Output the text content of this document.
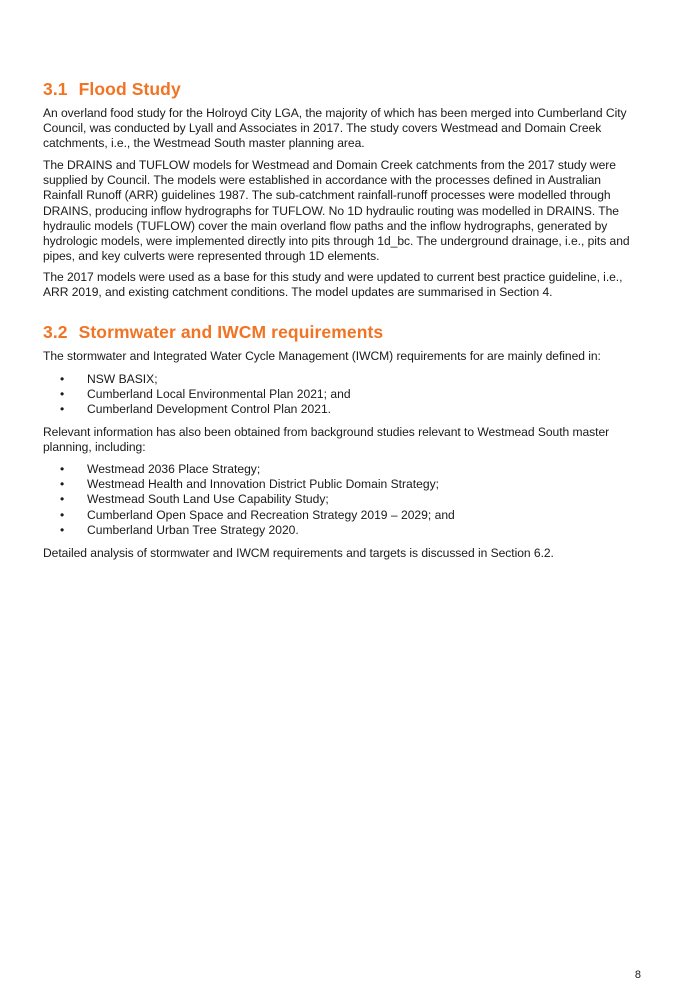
3.1 Flood Study

An overland food study for the Holroyd City LGA, the majority of which has been merged into Cumberland City Council, was conducted by Lyall and Associates in 2017. The study covers Westmead and Domain Creek catchments, i.e., the Westmead South master planning area.

The DRAINS and TUFLOW models for Westmead and Domain Creek catchments from the 2017 study were supplied by Council. The models were established in accordance with the processes defined in Australian Rainfall Runoff (ARR) guidelines 1987. The sub-catchment rainfall-runoff processes were modelled through DRAINS, producing inflow hydrographs for TUFLOW. No 1D hydraulic routing was modelled in DRAINS. The hydraulic models (TUFLOW) cover the main overland flow paths and the inflow hydrographs, generated by hydrologic models, were implemented directly into pits through 1d_bc. The underground drainage, i.e., pits and pipes, and key culverts were represented through 1D elements.

The 2017 models were used as a base for this study and were updated to current best practice guideline, i.e., ARR 2019, and existing catchment conditions. The model updates are summarised in Section 4.

3.2 Stormwater and IWCM requirements

The stormwater and Integrated Water Cycle Management (IWCM) requirements for are mainly defined in:

• NSW BASIX;
• Cumberland Local Environmental Plan 2021; and
• Cumberland Development Control Plan 2021.

Relevant information has also been obtained from background studies relevant to Westmead South master planning, including:

• Westmead 2036 Place Strategy;
• Westmead Health and Innovation District Public Domain Strategy;
• Westmead South Land Use Capability Study;
• Cumberland Open Space and Recreation Strategy 2019 – 2029; and
• Cumberland Urban Tree Strategy 2020.

Detailed analysis of stormwater and IWCM requirements and targets is discussed in Section 6.2.

8
